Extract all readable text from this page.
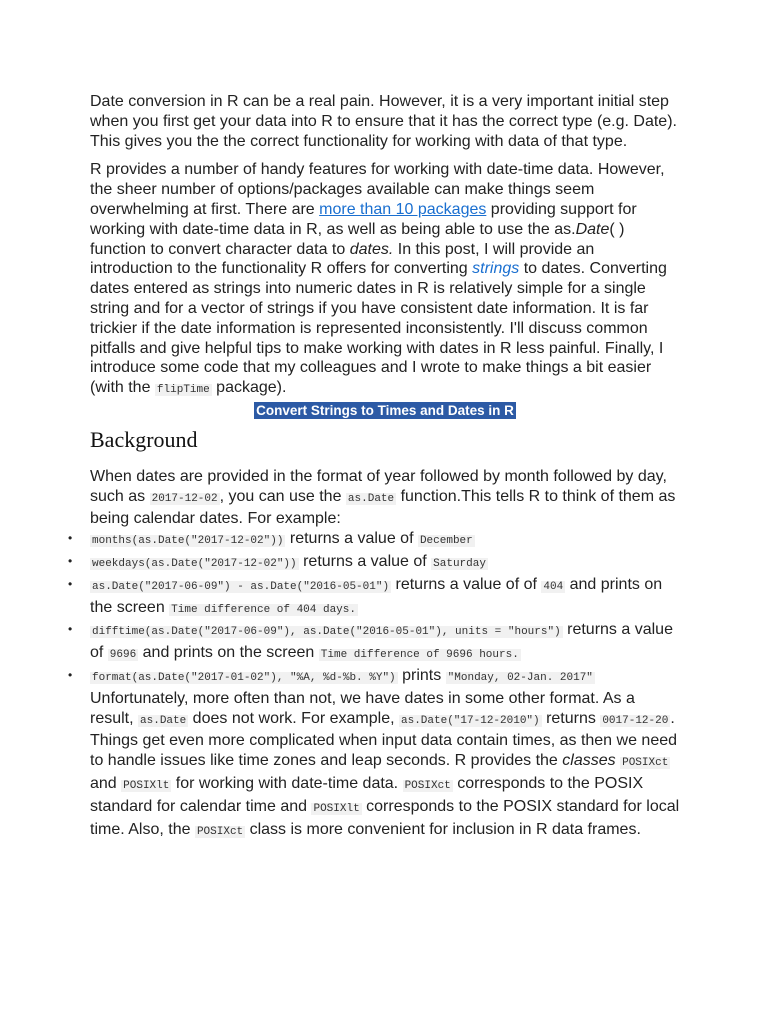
Date conversion in R can be a real pain. However, it is a very important initial step when you first get your data into R to ensure that it has the correct type (e.g. Date). This gives you the the correct functionality for working with data of that type.

R provides a number of handy features for working with date-time data. However, the sheer number of options/packages available can make things seem overwhelming at first. There are more than 10 packages providing support for working with date-time data in R, as well as being able to use the as.Date( ) function to convert character data to dates. In this post, I will provide an introduction to the functionality R offers for converting strings to dates. Converting dates entered as strings into numeric dates in R is relatively simple for a single string and for a vector of strings if you have consistent date information. It is far trickier if the date information is represented inconsistently. I'll discuss common pitfalls and give helpful tips to make working with dates in R less painful. Finally, I introduce some code that my colleagues and I wrote to make things a bit easier (with the flipTime package).

Convert Strings to Times and Dates in R
Background

When dates are provided in the format of year followed by month followed by day, such as 2017-12-02 , you can use the as.Date function.This tells R to think of them as being calendar dates. For example:

• months(as.Date("2017-12-02")) returns a value of December
• weekdays(as.Date("2017-12-02")) returns a value of Saturday
• as.Date("2017-06-09") - as.Date("2016-05-01") returns a value of of 404 and prints on the screen Time difference of 404 days.
• difftime(as.Date("2017-06-09"), as.Date("2016-05-01"), units = "hours") returns a value of 9696 and prints on the screen Time difference of 9696 hours.
• format(as.Date("2017-01-02"), "%A, %d-%b. %Y") prints "Monday, 02-Jan. 2017"

Unfortunately, more often than not, we have dates in some other format. As a result, as.Date does not work. For example, as.Date("17-12-2010") returns 0017-12-20 .

Things get even more complicated when input data contain times, as then we need to handle issues like time zones and leap seconds. R provides the classes POSIXct and POSIXlt for working with date-time data. POSIXct corresponds to the POSIX standard for calendar time and POSIXlt corresponds to the POSIX standard for local time. Also, the POSIXct class is more convenient for inclusion in R data frames.
